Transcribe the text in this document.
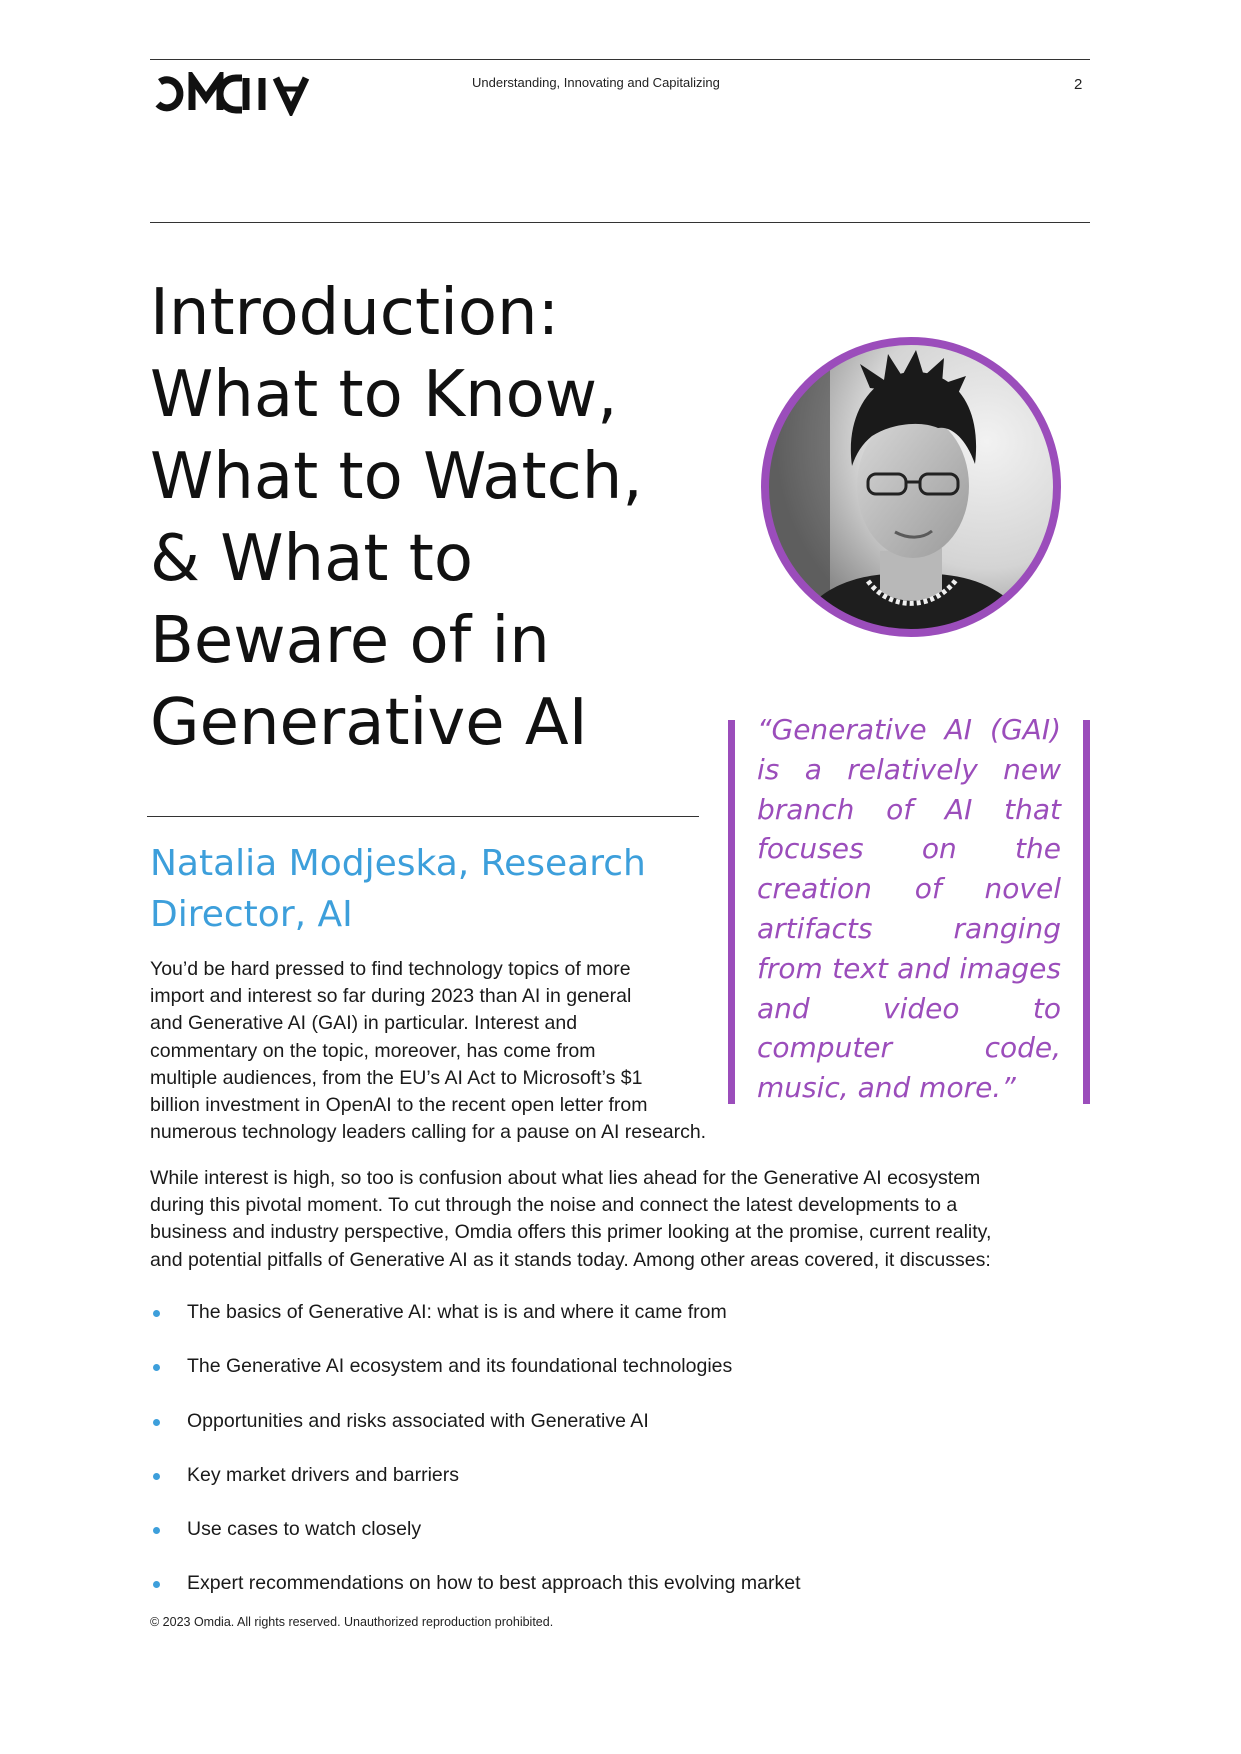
Understanding, Innovating and Capitalizing	2
Introduction:
What to Know,
What to Watch,
& What to
Beware of in
Generative AI	“Generative AI (GAI) is a relatively new branch of AI that focuses on the creation of novel artifacts ranging from text and images and video to computer code, music, and more.”

Natalia Modjeska, Research
Director, AI

You’d be hard pressed to find technology topics of more
import and interest so far during 2023 than AI in general
and Generative AI (GAI) in particular. Interest and
commentary on the topic, moreover, has come from
multiple audiences, from the EU’s AI Act to Microsoft’s $1
billion investment in OpenAI to the recent open letter from
numerous technology leaders calling for a pause on AI research.

While interest is high, so too is confusion about what lies ahead for the Generative AI ecosystem
during this pivotal moment. To cut through the noise and connect the latest developments to a
business and industry perspective, Omdia offers this primer looking at the promise, current reality,
and potential pitfalls of Generative AI as it stands today. Among other areas covered, it discusses:

The basics of Generative AI: what is is and where it came from
The Generative AI ecosystem and its foundational technologies
Opportunities and risks associated with Generative AI
Key market drivers and barriers
Use cases to watch closely
Expert recommendations on how to best approach this evolving market
© 2023 Omdia. All rights reserved. Unauthorized reproduction prohibited.
